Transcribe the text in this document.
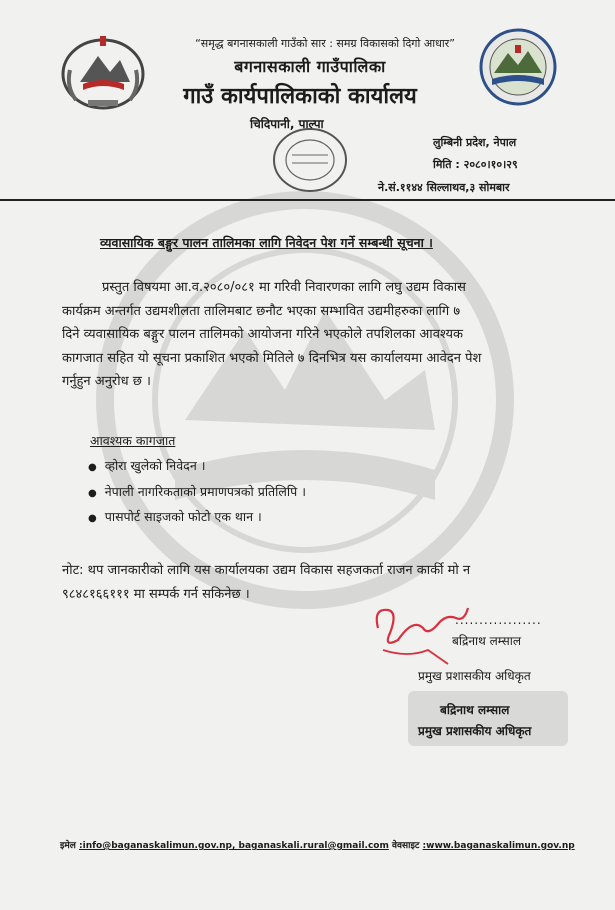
“समृद्ध बगनासकाली गाउँको सार : समग्र विकासको दिगो आधार”
बगनासकाली गाउँपालिका
गाउँ कार्यपालिकाको कार्यालय
चिदिपानी, पाल्पा
लुम्बिनी प्रदेश, नेपाल
मिति : २०८०।१०।२९
ने.सं.११४४ सिल्लाथव,३ सोमबार
व्यवासायिक बङ्गुर पालन तालिमका लागि निवेदन पेश गर्ने सम्बन्धी सूचना ।
प्रस्तुत विषयमा आ.व.२०८०/०८१ मा गरिवी निवारणका लागि लघु उद्यम विकास
कार्यक्रम अन्तर्गत उद्यमशीलता तालिमबाट छनौट भएका सम्भावित उद्यमीहरुका लागि ७
दिने व्यवासायिक बङ्गुर पालन तालिमको आयोजना गरिने भएकोले तपशिलका आवश्यक
कागजात सहित यो सूचना प्रकाशित भएको मितिले ७ दिनभित्र यस कार्यालयमा आवेदन पेश
गर्नुहुन अनुरोध छ ।
आवश्यक कागजात
● व्होरा खुलेको निवेदन ।
● नेपाली नागरिकताको प्रमाणपत्रको प्रतिलिपि ।
● पासपोर्ट साइजको फोटो एक थान ।
नोट: थप जानकारीको लागि यस कार्यालयका उद्यम विकास सहजकर्ता राजन कार्की मो न
९८४८१६६१११ मा सम्पर्क गर्न सकिनेछ ।
..................
बद्रिनाथ लम्साल
प्रमुख प्रशासकीय अधिकृत
बद्रिनाथ लम्साल
प्रमुख प्रशासकीय अधिकृत
इमेल :info@baganaskalimun.gov.np, baganaskali.rural@gmail.com वेवसाइट :www.baganaskalimun.gov.np
